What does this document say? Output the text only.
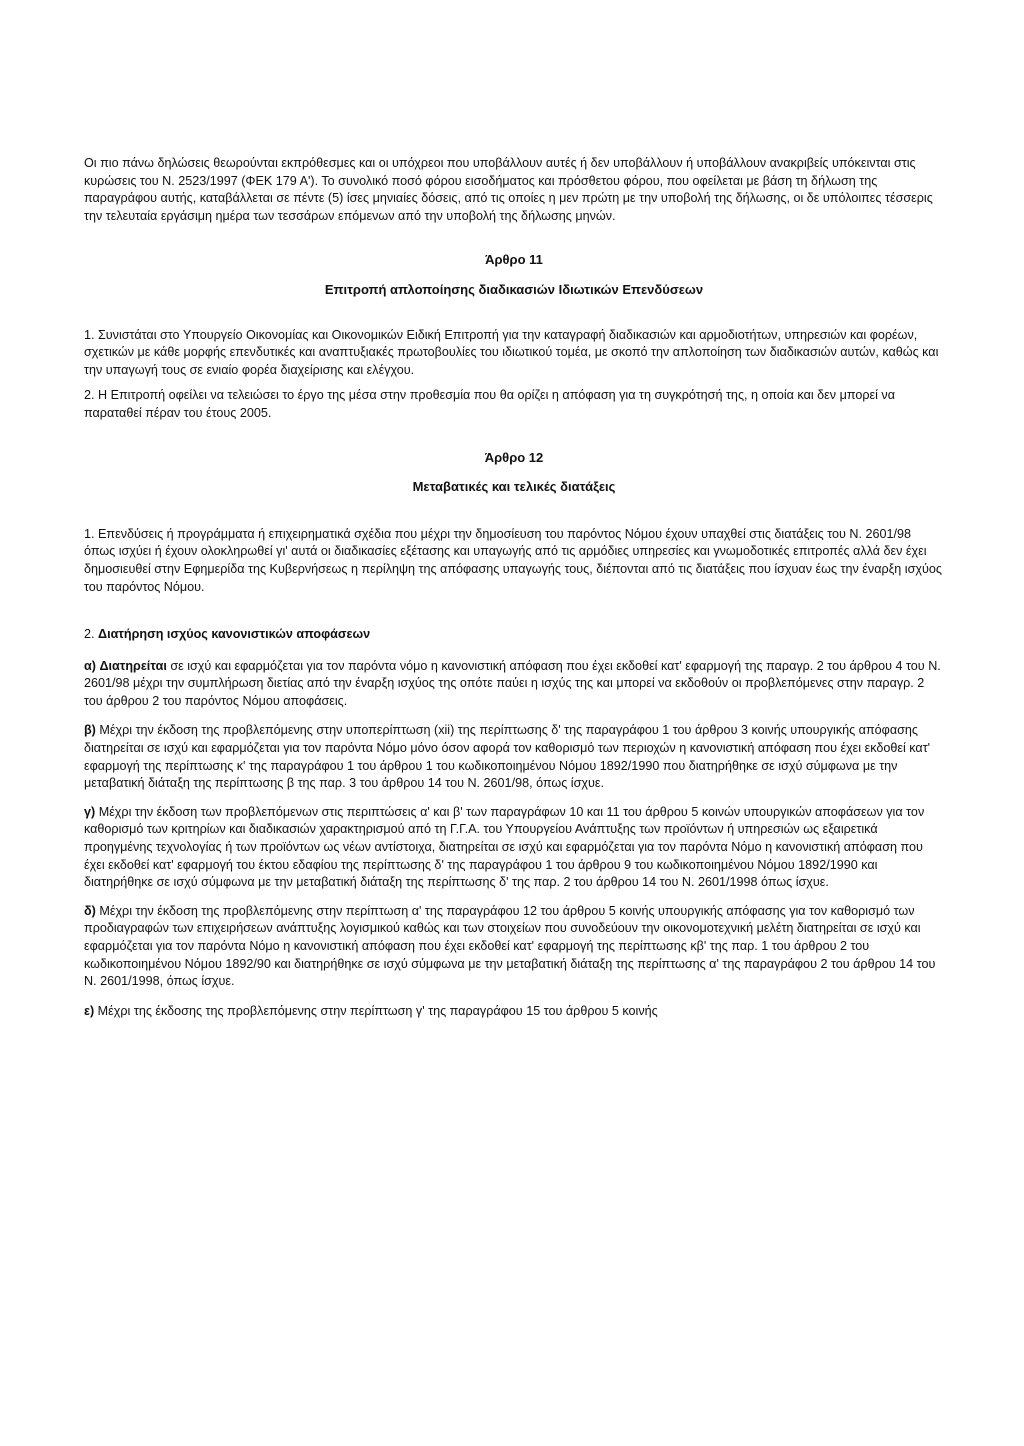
Οι πιο πάνω δηλώσεις θεωρούνται εκπρόθεσμες και οι υπόχρεοι που υποβάλλουν αυτές ή δεν υποβάλλουν ή υποβάλλουν ανακριβείς υπόκεινται στις κυρώσεις του Ν. 2523/1997 (ΦΕΚ 179 Α'). Το συνολικό ποσό φόρου εισοδήματος και πρόσθετου φόρου, που οφείλεται με βάση τη δήλωση της παραγράφου αυτής, καταβάλλεται σε πέντε (5) ίσες μηνιαίες δόσεις, από τις οποίες η μεν πρώτη με την υποβολή της δήλωσης, οι δε υπόλοιπες τέσσερις την τελευταία εργάσιμη ημέρα των τεσσάρων επόμενων από την υποβολή της δήλωσης μηνών.

Άρθρο 11

Επιτροπή απλοποίησης διαδικασιών Ιδιωτικών Επενδύσεων

1. Συνιστάται στο Υπουργείο Οικονομίας και Οικονομικών Ειδική Επιτροπή για την καταγραφή διαδικασιών και αρμοδιοτήτων, υπηρεσιών και φορέων, σχετικών με κάθε μορφής επενδυτικές και αναπτυξιακές πρωτοβουλίες του ιδιωτικού τομέα, με σκοπό την απλοποίηση των διαδικασιών αυτών, καθώς και την υπαγωγή τους σε ενιαίο φορέα διαχείρισης και ελέγχου.

2. Η Επιτροπή οφείλει να τελειώσει το έργο της μέσα στην προθεσμία που θα ορίζει η απόφαση για τη συγκρότησή της, η οποία και δεν μπορεί να παραταθεί πέραν του έτους 2005.

Άρθρο 12

Μεταβατικές και τελικές διατάξεις

1. Επενδύσεις ή προγράμματα ή επιχειρηματικά σχέδια που μέχρι την δημοσίευση του παρόντος Νόμου έχουν υπαχθεί στις διατάξεις του Ν. 2601/98 όπως ισχύει ή έχουν ολοκληρωθεί γι' αυτά οι διαδικασίες εξέτασης και υπαγωγής από τις αρμόδιες υπηρεσίες και γνωμοδοτικές επιτροπές αλλά δεν έχει δημοσιευθεί στην Εφημερίδα της Κυβερνήσεως η περίληψη της απόφασης υπαγωγής τους, διέπονται από τις διατάξεις που ίσχυαν έως την έναρξη ισχύος του παρόντος Νόμου.

2. Διατήρηση ισχύος κανονιστικών αποφάσεων

α) Διατηρείται σε ισχύ και εφαρμόζεται για τον παρόντα νόμο η κανονιστική απόφαση που έχει εκδοθεί κατ' εφαρμογή της παραγρ. 2 του άρθρου 4 του Ν. 2601/98 μέχρι την συμπλήρωση διετίας από την έναρξη ισχύος της οπότε παύει η ισχύς της και μπορεί να εκδοθούν οι προβλεπόμενες στην παραγρ. 2 του άρθρου 2 του παρόντος Νόμου αποφάσεις.

β) Μέχρι την έκδοση της προβλεπόμενης στην υποπερίπτωση (xii) της περίπτωσης δ' της παραγράφου 1 του άρθρου 3 κοινής υπουργικής απόφασης διατηρείται σε ισχύ και εφαρμόζεται για τον παρόντα Νόμο μόνο όσον αφορά τον καθορισμό των περιοχών η κανονιστική απόφαση που έχει εκδοθεί κατ' εφαρμογή της περίπτωσης κ' της παραγράφου 1 του άρθρου 1 του κωδικοποιημένου Νόμου 1892/1990 που διατηρήθηκε σε ισχύ σύμφωνα με την μεταβατική διάταξη της περίπτωσης β της παρ. 3 του άρθρου 14 του Ν. 2601/98, όπως ίσχυε.

γ) Μέχρι την έκδοση των προβλεπόμενων στις περιπτώσεις α' και β' των παραγράφων 10 και 11 του άρθρου 5 κοινών υπουργικών αποφάσεων για τον καθορισμό των κριτηρίων και διαδικασιών χαρακτηρισμού από τη Γ.Γ.Α. του Υπουργείου Ανάπτυξης των προϊόντων ή υπηρεσιών ως εξαιρετικά προηγμένης τεχνολογίας ή των προϊόντων ως νέων αντίστοιχα, διατηρείται σε ισχύ και εφαρμόζεται για τον παρόντα Νόμο η κανονιστική απόφαση που έχει εκδοθεί κατ' εφαρμογή του έκτου εδαφίου της περίπτωσης δ' της παραγράφου 1 του άρθρου 9 του κωδικοποιημένου Νόμου 1892/1990 και διατηρήθηκε σε ισχύ σύμφωνα με την μεταβατική διάταξη της περίπτωσης δ' της παρ. 2 του άρθρου 14 του Ν. 2601/1998 όπως ίσχυε.

δ) Μέχρι την έκδοση της προβλεπόμενης στην περίπτωση α' της παραγράφου 12 του άρθρου 5 κοινής υπουργικής απόφασης για τον καθορισμό των προδιαγραφών των επιχειρήσεων ανάπτυξης λογισμικού καθώς και των στοιχείων που συνοδεύουν την οικονομοτεχνική μελέτη διατηρείται σε ισχύ και εφαρμόζεται για τον παρόντα Νόμο η κανονιστική απόφαση που έχει εκδοθεί κατ' εφαρμογή της περίπτωσης κβ' της παρ. 1 του άρθρου 2 του κωδικοποιημένου Νόμου 1892/90 και διατηρήθηκε σε ισχύ σύμφωνα με την μεταβατική διάταξη της περίπτωσης α' της παραγράφου 2 του άρθρου 14 του Ν. 2601/1998, όπως ίσχυε.

ε) Μέχρι της έκδοσης της προβλεπόμενης στην περίπτωση γ' της παραγράφου 15 του άρθρου 5 κοινής
